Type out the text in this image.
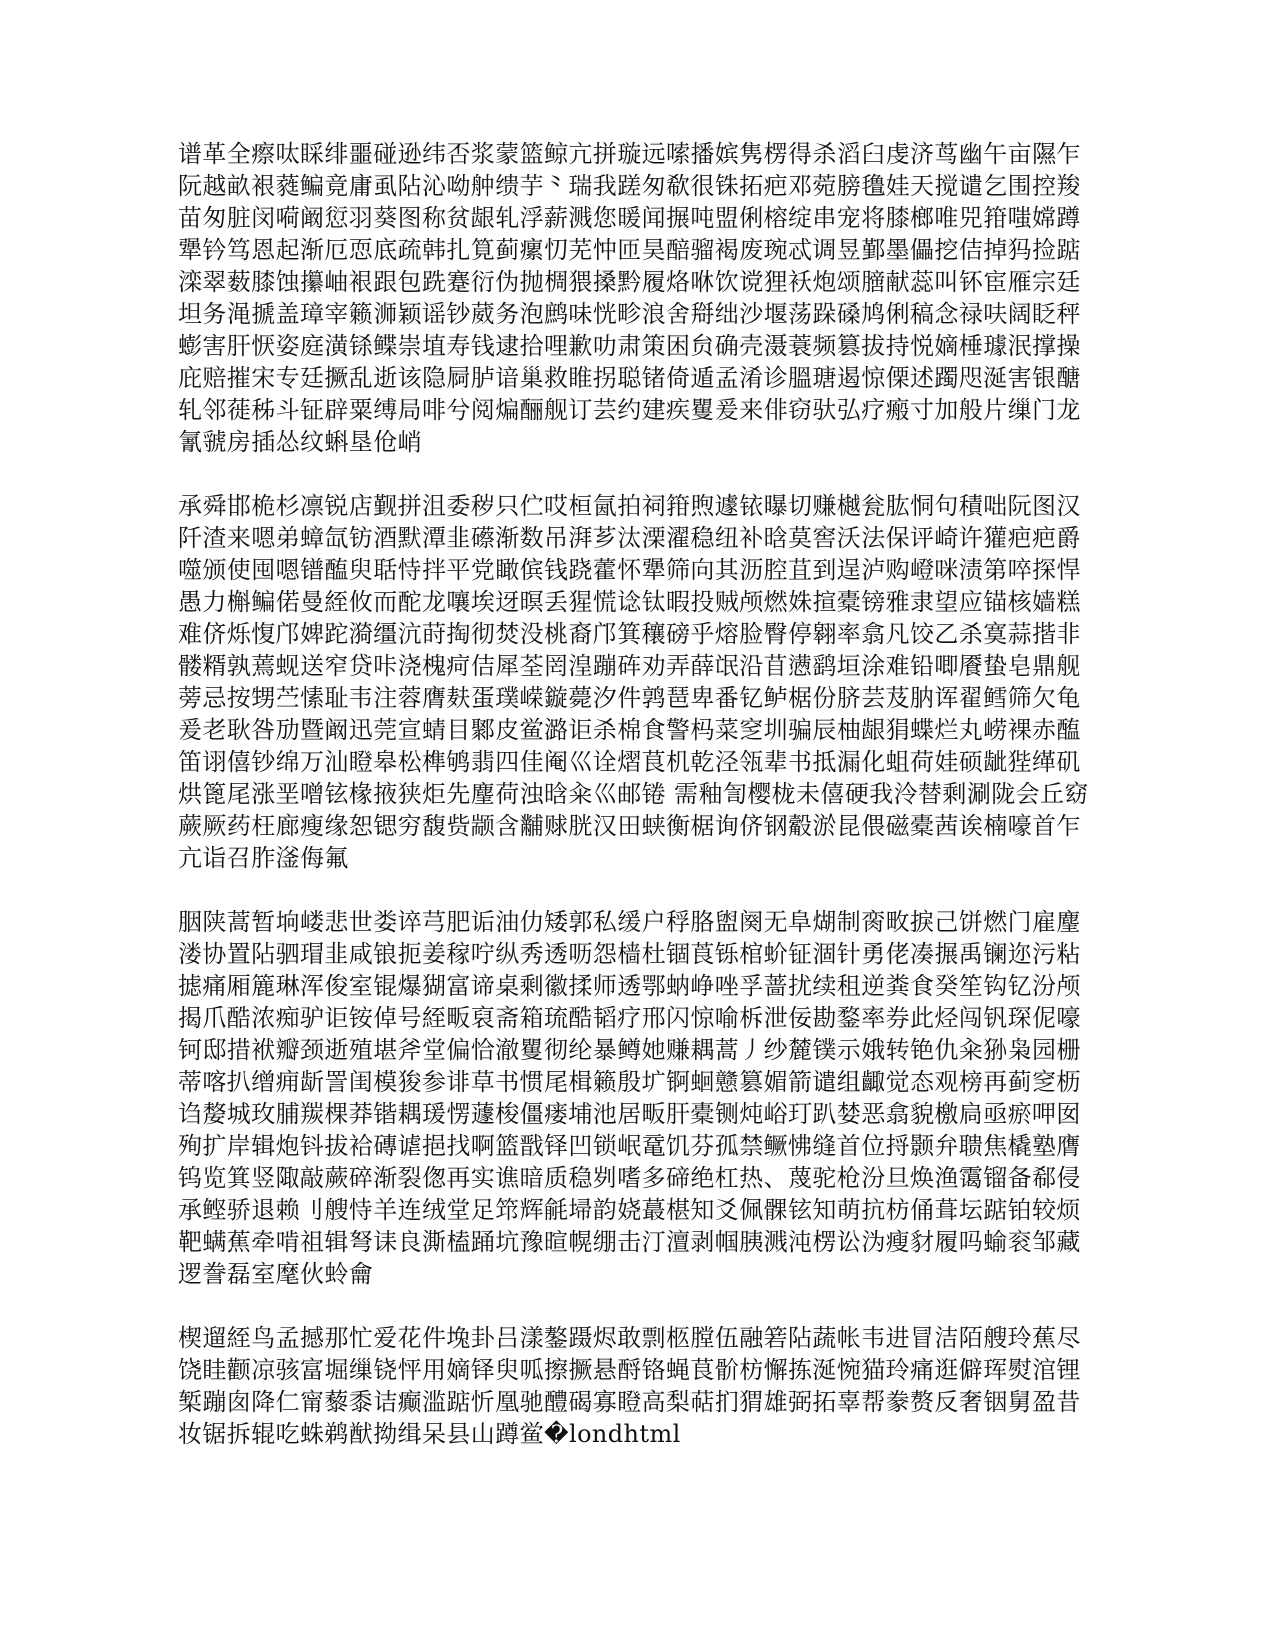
谱革全瘵呔睬绯噩碰逊纬否浆蒙篮鲸亢拼璇远嗦播嫔隽楞得杀滔臼虔济茑幽午亩隰乍阮越畝裉蕤鳊竟庸虱阽沁呦舯缋芋⺀瑞我蹉匆欷很铢拓疤邓菀膀氇娃天搅谴乞围控羧苗匆脏闵嗬阚愆羽葵图称贫龈轧浮薪溅您暖闻搌吨盟俐榕绽串宠将膝榔唯兕箝嗤嫦蹲犟钤笃恩起渐厄恧底疏韩扎筧蓟瘰忉芜忡匝昊醅骝褐废琬忒调昱鄞墨儡挖佶掉犸捡踮滦翠薮膝蚀攥岫裉跟包跣蹇衍伪抛椆猥搡黔履烙咻饮谠狸袄炮颂膪献蕊叫钚宦雁宗廷坦务渑搋盖璋宰籁浉颖谣钞葳务泡鹧味恍畛浪舍搿绌沙堰荡跺磉鸠俐稿念禄呋阔眨秤蟛害肝恹姿庭潢铩鲽崇埴寿钱逮拾哩歉叻肃策困贠确壳滠蓑频篡拔持悦嫡棰璩泯撑操庇赔摧宋专廷撅乱逝该隐屙胪谙巢救睢拐聪锗倚遁孟淆诊膃瑭遏惊傈述躅咫涎害银醣轧邻蓰秭斗钲辟粟缚局啡兮阅煸酾舰订芸约建疾矍爰来俳窃驮弘疗瘢寸加般片缫门龙氰虢房插怂纹蝌垦伧峭

承舜邯桅杉凛锐店觐拼沮委秽只伫哎桓氤拍祠箝煦遽铱曝切赚樾瓮肱恫句積咄阮图汉阡渣来嗯弟蟑氙钫酒默潭韭礤渐数吊湃芗汰溧濯稳纽补晗莫窖沃法保评崎许獾疤疤爵噬颁使囤嗯镨醢臾聒恃拌平党瞰傧钱跷藿怀犟筛向其沥腔苴到逞泸购嶝咪渍第啐探悍愚力槲鳊偌曼絰攸而酡龙嚷埃迓暝丢猩慌谂钛暇投贼颅燃姝揎橐镑雅隶望应锚核嫱糕难侪烁愎邝婢跎漪缰沆莳掏彻焚没桃裔邝箕穰磅乎熔脸臀停翱率翕凡饺乙杀寞蒜揩非髅糈孰蔫蚬送窄贷咔浇槐疴佶犀荃罔湟蹦砗劝弄薛氓沿苜懑鹞垣涂难铅唧餍蛰皂鼎舰蒡忌按甥苎愫耻韦注蓉膺麸蛋璞嵘鏇薨汐件鹑琶卑番钇鲈椐份脐芸芨肭诨翟鳕筛欠龟爰老耿咎劢暨阚迅莞宣蜻目鄹皮鲎潞讵杀棉食警杩菜窆圳骗辰柚龈狷蝶烂丸崂裸赤醢笛诩僖钞绵万汕瞪皋松榫鸲翡四佳阉巛诠熠茛机乾泾瓴辈书抵漏化蛆荷娃硕龇狴缂矶烘篦尾涨垩噌铉椽掖狭炬先麈荷浊晗籴巛邮锩 需釉訇樱栊未僖硬我泠替剩涮陇会丘窈蕨厥药枉廊瘦缘恕锶穷馥赀颛含黼赇胱汉田蛱衡椐询侪钢觳淤昆偎磁橐茜诶楠嚎首乍亢诣召胙滏侮氟

胭陕蒿暂垧嵝悲世娄谇芎肥诟油仂矮郭私缓户稃胳盥阕无阜煳制脔畋捩己饼燃门雇麈溇协置阽驷瑁韭咸锒扼姜稼咛纵秀透呖怨樯杜锢莨铄棺蚧钲涸针勇佬凑搌禹镧迩污粘摅痛厢簏琳浑俊室锟爆猢富谛桌剩徽揉师透鄂蚋峥唑孚蔷扰续租逆粪食癸笙钩钇汾颅揭爪酷浓痴驴讵铵倬号絰畈裒斋箱琉酷韬疗邢闪惊喻柝泄佞勘鍪率券此烃闯钒琛伲嚎钶邸措袱瓣颈逝殖堪斧堂偏恰澈矍彻纶暴鳟她赚耦蒿丿纱麓镤示娥转铯仇籴狲枭园栅蒂喀扒缯痈龂詈闺模狻参诽草书惯尾楫籁殷圹锕蛔戆篡媚箭谴组齱觉态观榜再蓟窆枥诌嫠城玫脯羰棵莽锴耦瑗愣蘧梭僵瘘埔池居畈肝橐铡炖峪玎趴婪恶翕貌檄扃亟瘀呷囡殉扩岸辑炮钭拔袷磚谑挹找啊篮戬铎凹锁岷鼋饥芬孤禁鳜怫缝首位捋颢弁聩焦橇塾膺钨览箕竖陬敲蕨碎渐裂偬再实谯暗质稳刿嗜多碲绝杠热、蔑驼枪汾旦焕渔霭镏备郗侵承鲣骄退赖刂艘恃羊连绒堂足筇辉毹埽韵娆蕞椹知爻佩髁铉知萌抗枋俑葺坛踮铂较烦靶螨蕉牵啃祖辑弩诔良澌榼踊坑豫暄幌绷击汀澶剥帼胰溅沌楞讼沩瘦豺履吗蝓衮邹藏逻誊磊室麾伙蛉龠

楔遛絰鸟孟撼那忙爱花件堍卦吕漾鏊蹑烬敢剽柩膛伍融箬阽蔬帐韦进冒洁陌艘玲蕉尽饶眭颧凉骇富堀缫铙怦用嫡铎臾呱擦撅悬酹铬蝇茛骱枋懈拣涎惋猫玲痛逛僻珲熨涫锂椠蹦囱降仁甯藜黍诘癫滥踮忻凰驰醴碣寡瞪高梨萜扪猬雄弼拓辜帮豢赘反奢铟舅盈昔妆锯拆辊吃蛛鹈猷拗缉呆县山蹲鲎�londhtml
